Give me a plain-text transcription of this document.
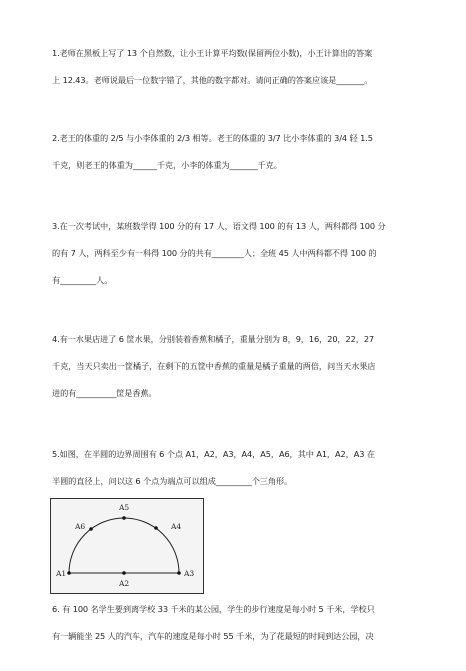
1.老师在黑板上写了 13 个自然数，让小王计算平均数(保留两位小数)，小王计算出的答案
上 12.43。老师说最后一位数字错了，其他的数字都对。请问正确的答案应该是_______。
2.老王的体重的 2/5 与小李体重的 2/3 相等。老王的体重的 3/7 比小李体重的 3/4 轻 1.5
千克，则老王的体重为______千克，小李的体重为_______千克。
3.在一次考试中，某班数学得 100 分的有 17 人，语文得 100 的有 13 人，两科都得 100 分
的有 7 人，两科至少有一科得 100 分的共有________人；全班 45 人中两科都不得 100 的
有_________人。
4.有一水果店进了 6 筐水果，分别装着香蕉和橘子，重量分别为 8，9，16，20，22，27
千克，当天只卖出一筐橘子，在剩下的五筐中香蕉的重量是橘子重量的两倍，问当天水果店
进的有__________筐是香蕉。
5.如图，在半圆的边界周围有 6 个点 A1，A2，A3，A4，A5，A6，其中 A1，A2，A3 在
半圆的直径上，问以这 6 个点为端点可以组成_________个三角形。
A1
A2
A3
A4
A5
A6
6. 有 100 名学生要到离学校 33 千米的某公园，学生的步行速度是每小时 5 千米，学校只
有一辆能坐 25 人的汽车，汽车的速度是每小时 55 千米，为了花最短的时间到达公园，决
